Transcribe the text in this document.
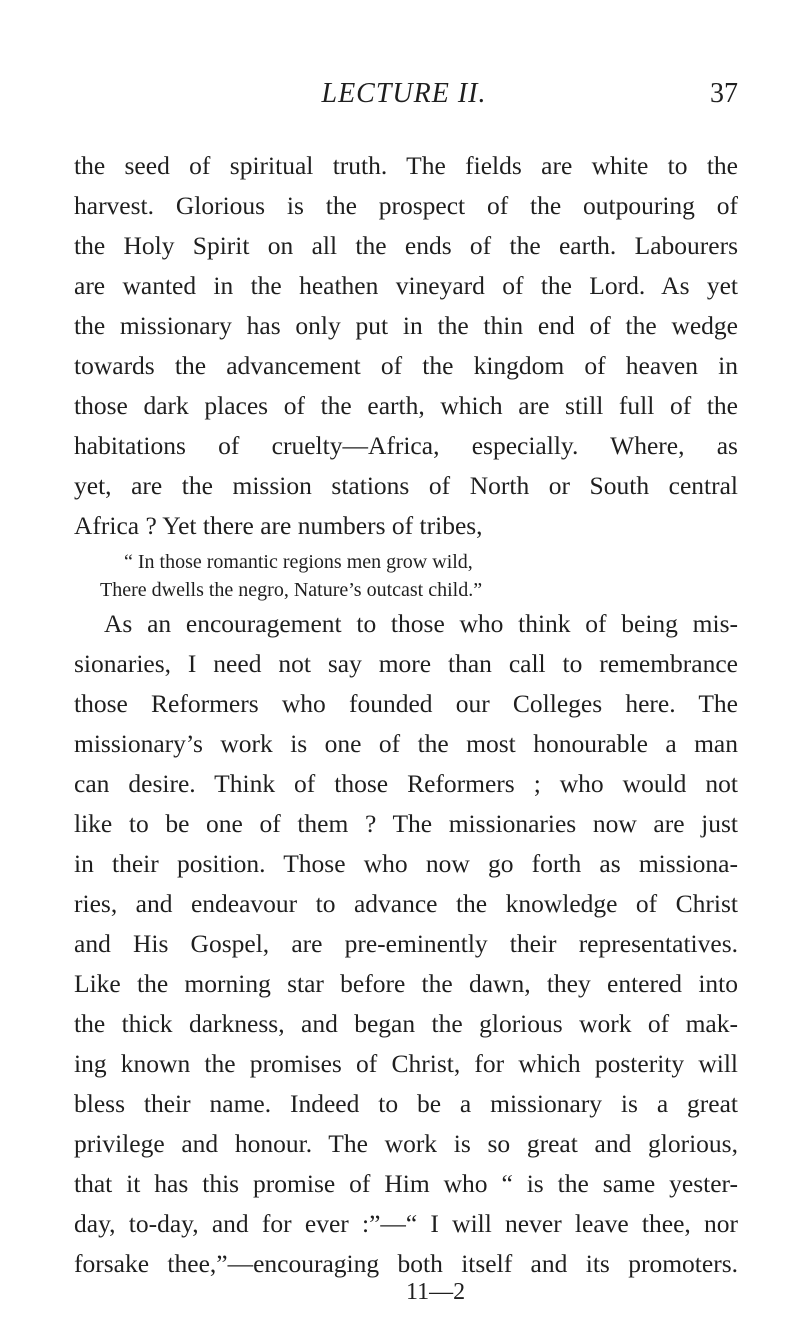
LECTURE II.	37
the seed of spiritual truth. The fields are white to the
harvest. Glorious is the prospect of the outpouring of
the Holy Spirit on all the ends of the earth. Labourers
are wanted in the heathen vineyard of the Lord. As yet
the missionary has only put in the thin end of the wedge
towards the advancement of the kingdom of heaven in
those dark places of the earth, which are still full of the
habitations of cruelty—Africa, especially. Where, as
yet, are the mission stations of North or South central
Africa ? Yet there are numbers of tribes,
“ In those romantic regions men grow wild,
There dwells the negro, Nature’s outcast child.”
As an encouragement to those who think of being mis-
sionaries, I need not say more than call to remembrance
those Reformers who founded our Colleges here. The
missionary’s work is one of the most honourable a man
can desire. Think of those Reformers ; who would not
like to be one of them ? The missionaries now are just
in their position. Those who now go forth as missiona-
ries, and endeavour to advance the knowledge of Christ
and His Gospel, are pre-eminently their representatives.
Like the morning star before the dawn, they entered into
the thick darkness, and began the glorious work of mak-
ing known the promises of Christ, for which posterity will
bless their name. Indeed to be a missionary is a great
privilege and honour. The work is so great and glorious,
that it has this promise of Him who “ is the same yester-
day, to-day, and for ever :”—“ I will never leave thee, nor
forsake thee,”—encouraging both itself and its promoters.
11—2
